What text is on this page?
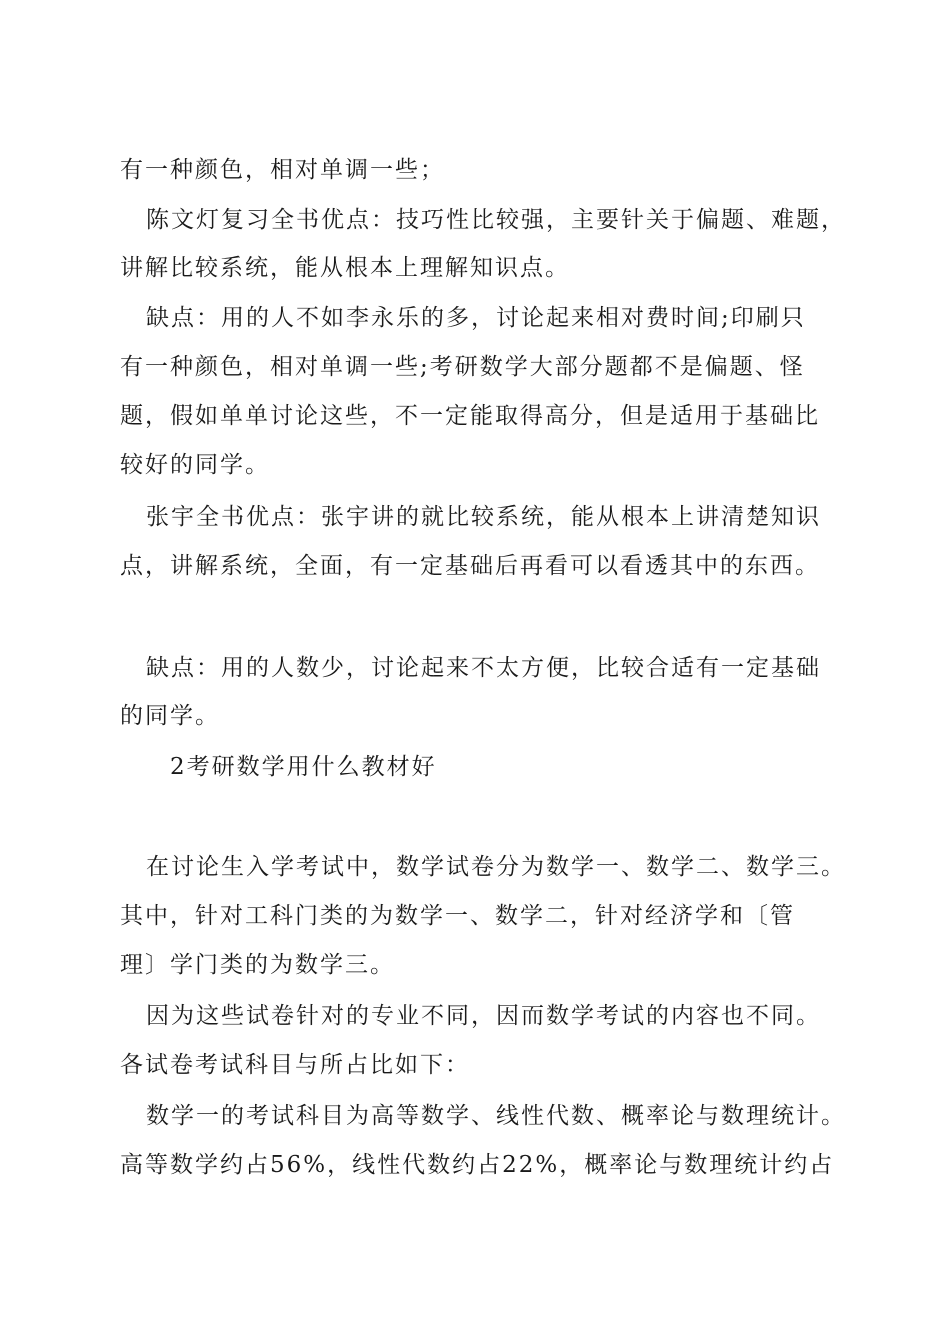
有一种颜色，相对单调一些；
陈文灯复习全书优点：技巧性比较强，主要针关于偏题、难题，
讲解比较系统，能从根本上理解知识点。
缺点：用的人不如李永乐的多，讨论起来相对费时间;印刷只
有一种颜色，相对单调一些;考研数学大部分题都不是偏题、怪
题，假如单单讨论这些，不一定能取得高分，但是适用于基础比
较好的同学。
张宇全书优点：张宇讲的就比较系统，能从根本上讲清楚知识
点，讲解系统，全面，有一定基础后再看可以看透其中的东西。
缺点：用的人数少，讨论起来不太方便，比较合适有一定基础
的同学。
2考研数学用什么教材好
在讨论生入学考试中，数学试卷分为数学一、数学二、数学三。
其中，针对工科门类的为数学一、数学二，针对经济学和〔管
理〕学门类的为数学三。
因为这些试卷针对的专业不同，因而数学考试的内容也不同。
各试卷考试科目与所占比如下：
数学一的考试科目为高等数学、线性代数、概率论与数理统计。
高等数学约占56%，线性代数约占22%，概率论与数理统计约占
